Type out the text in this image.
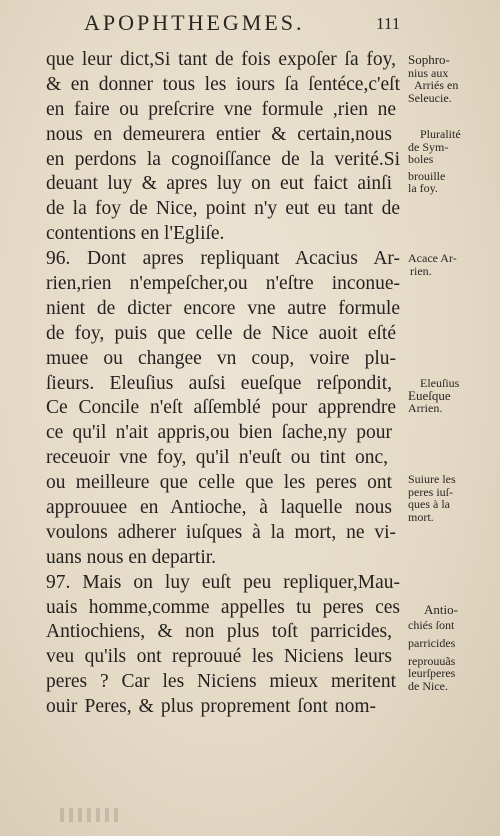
APOPHTHEGMES.	111
que leur dict,Si tant de fois expoſer ſa foy,
& en donner tous les iours ſa ſentéce,c'eſt
en faire ou preſcrire vne formule ,rien ne
nous en demeurera entier & certain,nous
en perdons la cognoiſſance de la verité.Si
deuant luy & apres luy on eut faict ainſi
de la foy de Nice, point n'y eut eu tant de
contentions en l'Egliſe.
96. Dont apres repliquant Acacius Ar-
rien,rien n'empeſcher,ou n'eſtre inconue-
nient de dicter encore vne autre formule
de foy, puis que celle de Nice auoit eſté
muee ou changee vn coup, voire plu-
ſieurs. Eleuſius auſsi eueſque reſpondit,
Ce Concile n'eſt aſſemblé pour apprendre
ce qu'il n'ait appris,ou bien ſache,ny pour
receuoir vne foy, qu'il n'euſt ou tint onc,
ou meilleure que celle que les peres ont
approuuee en Antioche, à laquelle nous
voulons adherer iuſques à la mort, ne vi-
uans nous en departir.
97. Mais on luy euſt peu repliquer,Mau-
uais homme,comme appelles tu peres ces
Antiochiens, & non plus toſt parricides,
veu qu'ils ont reprouué les Niciens leurs
peres ? Car les Niciens mieux meritent
ouir Peres, & plus proprement ſont nom-
Sophro-
nius aux
Arriés en
Seleucie.
Pluralité
de Sym-
boles
brouille
la foy.
Acace Ar-
rien.
Eleuſius
Eueſque
Arrien.
Suiure les
peres iuſ-
ques à la
mort.
Antio-
chiés ſont
parricides
reprouuãs
leurſperes
de Nice.
